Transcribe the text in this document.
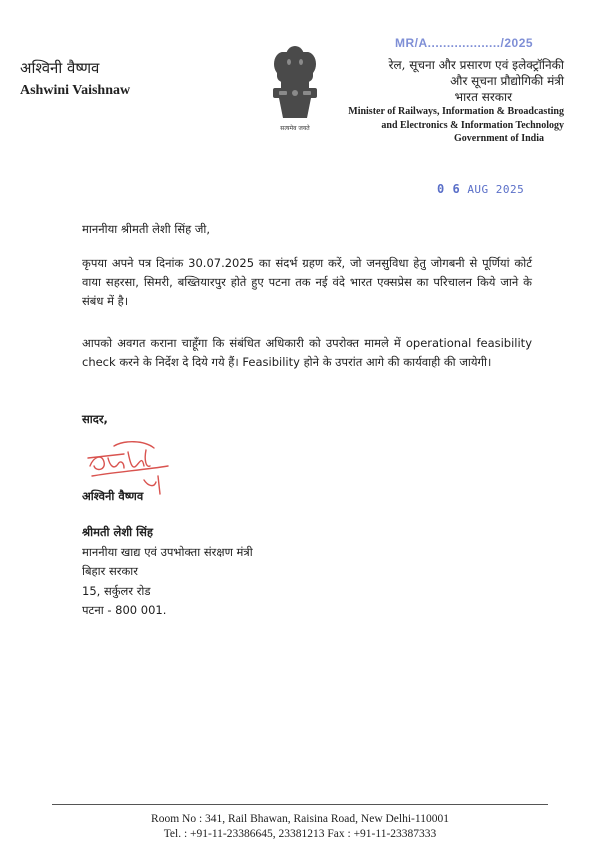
अश्विनी वैष्णव
Ashwini Vaishnaw
सत्यमेव जयते
MR/A.................../2025
रेल, सूचना और प्रसारण एवं इलेक्ट्रॉनिकी
और सूचना प्रौद्योगिकी मंत्री
भारत सरकार
Minister of Railways, Information & Broadcasting
and Electronics & Information Technology
Government of India
0 6 AUG 2025
माननीया श्रीमती लेशी सिंह जी,
कृपया अपने पत्र दिनांक 30.07.2025 का संदर्भ ग्रहण करें, जो जनसुविधा हेतु जोगबनी से पूर्णियां कोर्ट वाया सहरसा, सिमरी, बख्तियारपुर होते हुए पटना तक नई वंदे भारत एक्सप्रेस का परिचालन किये जाने के संबंध में है।
आपको अवगत कराना चाहूँगा कि संबंधित अधिकारी को उपरोक्त मामले में operational feasibility check करने के निर्देश दे दिये गये हैं। Feasibility होने के उपरांत आगे की कार्यवाही की जायेगी।
सादर,
अश्विनी वैष्णव
श्रीमती लेशी सिंह
माननीया खाद्य एवं उपभोक्ता संरक्षण मंत्री
बिहार सरकार
15, सर्कुलर रोड
पटना - 800 001.
Room No : 341, Rail Bhawan, Raisina Road, New Delhi-110001
Tel. : +91-11-23386645, 23381213 Fax : +91-11-23387333
